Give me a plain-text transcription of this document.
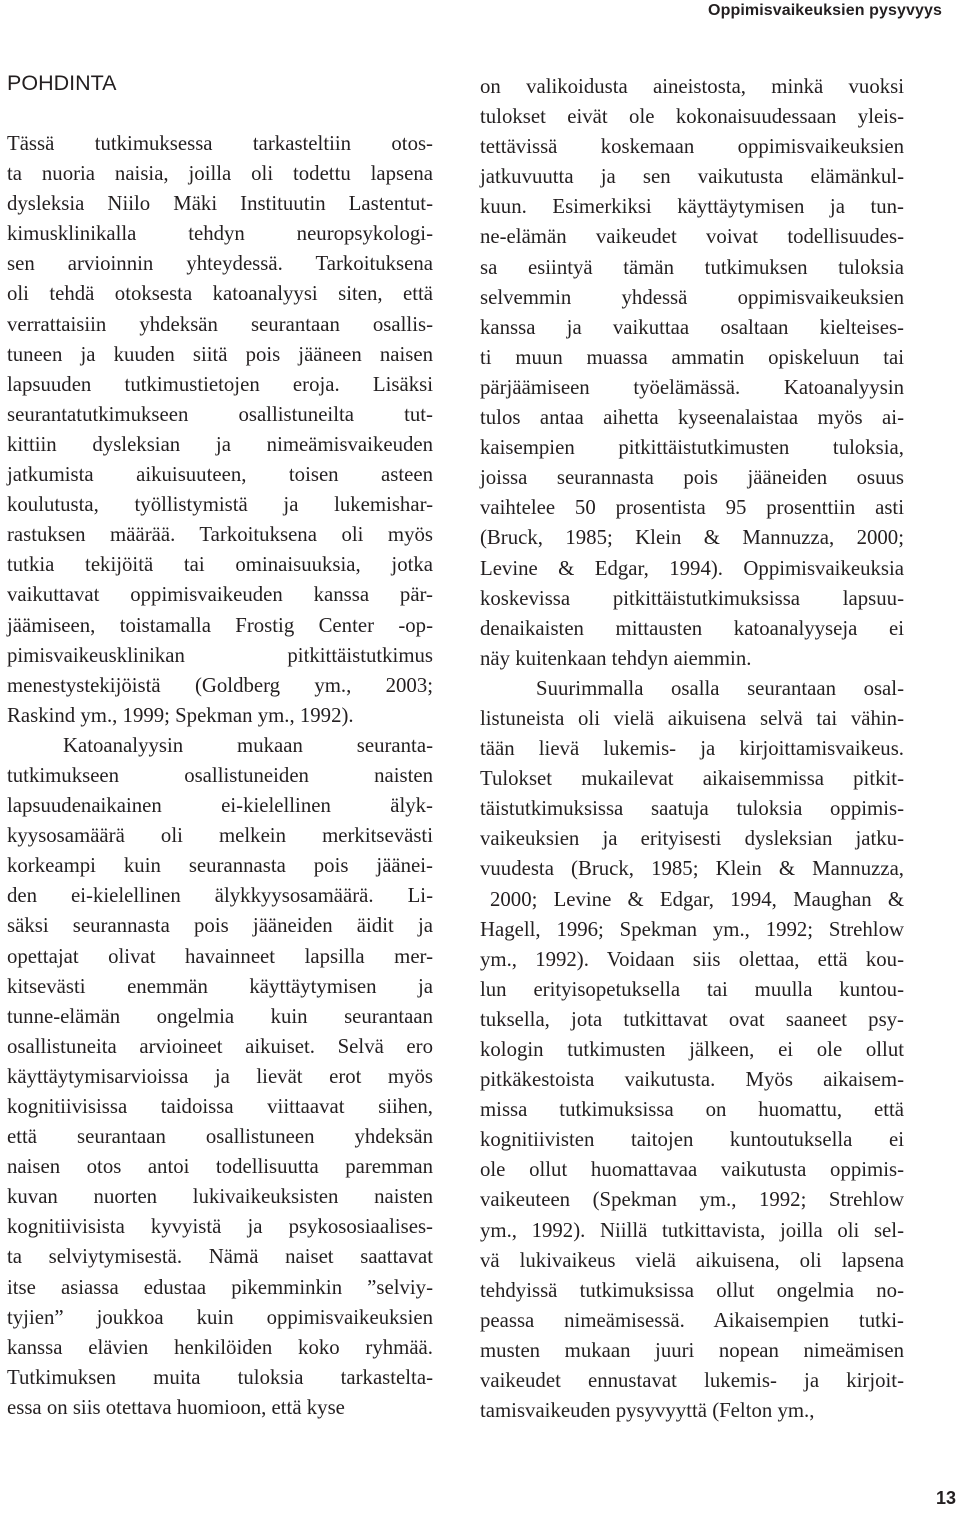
Oppimisvaikeuksien pysyvyys
POHDINTA
Tässä tutkimuksessa tarkasteltiin otos-
ta nuoria naisia, joilla oli todettu lapsena
dysleksia Niilo Mäki Instituutin Lastentut-
kimusklinikalla tehdyn neuropsykologi-
sen arvioinnin yhteydessä. Tarkoituksena
oli tehdä otoksesta katoanalyysi siten, että
verrattaisiin yhdeksän seurantaan osallis-
tuneen ja kuuden siitä pois jääneen naisen
lapsuuden tutkimustietojen eroja. Lisäksi
seurantatutkimukseen osallistuneilta tut-
kittiin dysleksian ja nimeämisvaikeuden
jatkumista aikuisuuteen, toisen asteen
koulutusta, työllistymistä ja lukemishar-
rastuksen määrää. Tarkoituksena oli myös
tutkia tekijöitä tai ominaisuuksia, jotka
vaikuttavat oppimisvaikeuden kanssa pär-
jäämiseen, toistamalla Frostig Center -op-
pimisvaikeusklinikan pitkittäistutkimus
menestystekijöistä (Goldberg ym., 2003;
Raskind ym., 1999; Spekman ym., 1992).
Katoanalyysin mukaan seuranta-
tutkimukseen osallistuneiden naisten
lapsuudenaikainen ei-kielellinen älyk-
kyysosamäärä oli melkein merkitsevästi
korkeampi kuin seurannasta pois jäänei-
den ei-kielellinen älykkyysosamäärä. Li-
säksi seurannasta pois jääneiden äidit ja
opettajat olivat havainneet lapsilla mer-
kitsevästi enemmän käyttäytymisen ja
tunne-elämän ongelmia kuin seurantaan
osallistuneita arvioineet aikuiset. Selvä ero
käyttäytymisarvioissa ja lievät erot myös
kognitiivisissa taidoissa viittaavat siihen,
että seurantaan osallistuneen yhdeksän
naisen otos antoi todellisuutta paremman
kuvan nuorten lukivaikeuksisten naisten
kognitiivisista kyvyistä ja psykososiaalises-
ta selviytymisestä. Nämä naiset saattavat
itse asiassa edustaa pikemminkin ”selviy-
tyjien” joukkoa kuin oppimisvaikeuksien
kanssa elävien henkilöiden koko ryhmää.
Tutkimuksen muita tuloksia tarkastelta-
essa on siis otettava huomioon, että kyse
on valikoidusta aineistosta, minkä vuoksi
tulokset eivät ole kokonaisuudessaan yleis-
tettävissä koskemaan oppimisvaikeuksien
jatkuvuutta ja sen vaikutusta elämänkul-
kuun. Esimerkiksi käyttäytymisen ja tun-
ne-elämän vaikeudet voivat todellisuudes-
sa esiintyä tämän tutkimuksen tuloksia
selvemmin yhdessä oppimisvaikeuksien
kanssa ja vaikuttaa osaltaan kielteises-
ti muun muassa ammatin opiskeluun tai
pärjäämiseen työelämässä. Katoanalyysin
tulos antaa aihetta kyseenalaistaa myös ai-
kaisempien pitkittäistutkimusten tuloksia,
joissa seurannasta pois jääneiden osuus
vaihtelee 50 prosentista 95 prosenttiin asti
(Bruck, 1985; Klein & Mannuzza, 2000;
Levine & Edgar, 1994). Oppimisvaikeuksia
koskevissa pitkittäistutkimuksissa lapsuu-
denaikaisten mittausten katoanalyyseja ei
näy kuitenkaan tehdyn aiemmin.
Suurimmalla osalla seurantaan osal-
listuneista oli vielä aikuisena selvä tai vähin-
tään lievä lukemis- ja kirjoittamisvaikeus.
Tulokset mukailevat aikaisemmissa pitkit-
täistutkimuksissa saatuja tuloksia oppimis-
vaikeuksien ja erityisesti dysleksian jatku-
vuudesta (Bruck, 1985; Klein & Mannuzza,
2000; Levine & Edgar, 1994, Maughan &
Hagell, 1996; Spekman ym., 1992; Strehlow
ym., 1992). Voidaan siis olettaa, että kou-
lun erityisopetuksella tai muulla kuntou-
tuksella, jota tutkittavat ovat saaneet psy-
kologin tutkimusten jälkeen, ei ole ollut
pitkäkestoista vaikutusta. Myös aikaisem-
missa tutkimuksissa on huomattu, että
kognitiivisten taitojen kuntoutuksella ei
ole ollut huomattavaa vaikutusta oppimis-
vaikeuteen (Spekman ym., 1992; Strehlow
ym., 1992). Niillä tutkittavista, joilla oli sel-
vä lukivaikeus vielä aikuisena, oli lapsena
tehdyissä tutkimuksissa ollut ongelmia no-
peassa nimeämisessä. Aikaisempien tutki-
musten mukaan juuri nopean nimeämisen
vaikeudet ennustavat lukemis- ja kirjoit-
tamisvaikeuden pysyvyyttä (Felton ym.,
13
